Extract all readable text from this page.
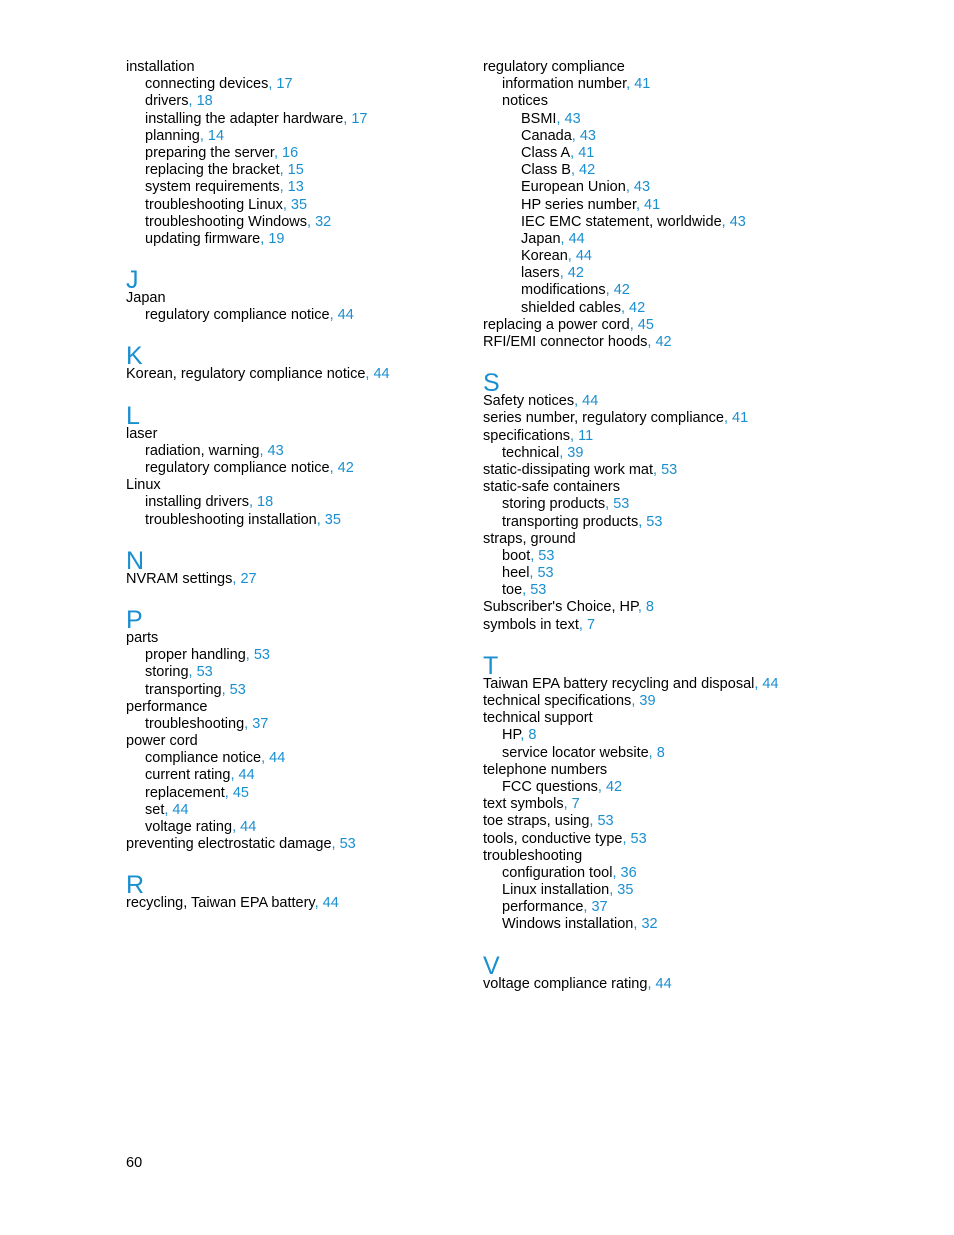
installation
connecting devices, 17
drivers, 18
installing the adapter hardware, 17
planning, 14
preparing the server, 16
replacing the bracket, 15
system requirements, 13
troubleshooting Linux, 35
troubleshooting Windows, 32
updating firmware, 19
J
Japan
regulatory compliance notice, 44
K
Korean, regulatory compliance notice, 44
L
laser
radiation, warning, 43
regulatory compliance notice, 42
Linux
installing drivers, 18
troubleshooting installation, 35
N
NVRAM settings, 27
P
parts
proper handling, 53
storing, 53
transporting, 53
performance
troubleshooting, 37
power cord
compliance notice, 44
current rating, 44
replacement, 45
set, 44
voltage rating, 44
preventing electrostatic damage, 53
R
recycling, Taiwan EPA battery, 44
regulatory compliance
information number, 41
notices
BSMI, 43
Canada, 43
Class A, 41
Class B, 42
European Union, 43
HP series number, 41
IEC EMC statement, worldwide, 43
Japan, 44
Korean, 44
lasers, 42
modifications, 42
shielded cables, 42
replacing a power cord, 45
RFI/EMI connector hoods, 42
S
Safety notices, 44
series number, regulatory compliance, 41
specifications, 11
technical, 39
static-dissipating work mat, 53
static-safe containers
storing products, 53
transporting products, 53
straps, ground
boot, 53
heel, 53
toe, 53
Subscriber's Choice, HP, 8
symbols in text, 7
T
Taiwan EPA battery recycling and disposal, 44
technical specifications, 39
technical support
HP, 8
service locator website, 8
telephone numbers
FCC questions, 42
text symbols, 7
toe straps, using, 53
tools, conductive type, 53
troubleshooting
configuration tool, 36
Linux installation, 35
performance, 37
Windows installation, 32
V
voltage compliance rating, 44
60
